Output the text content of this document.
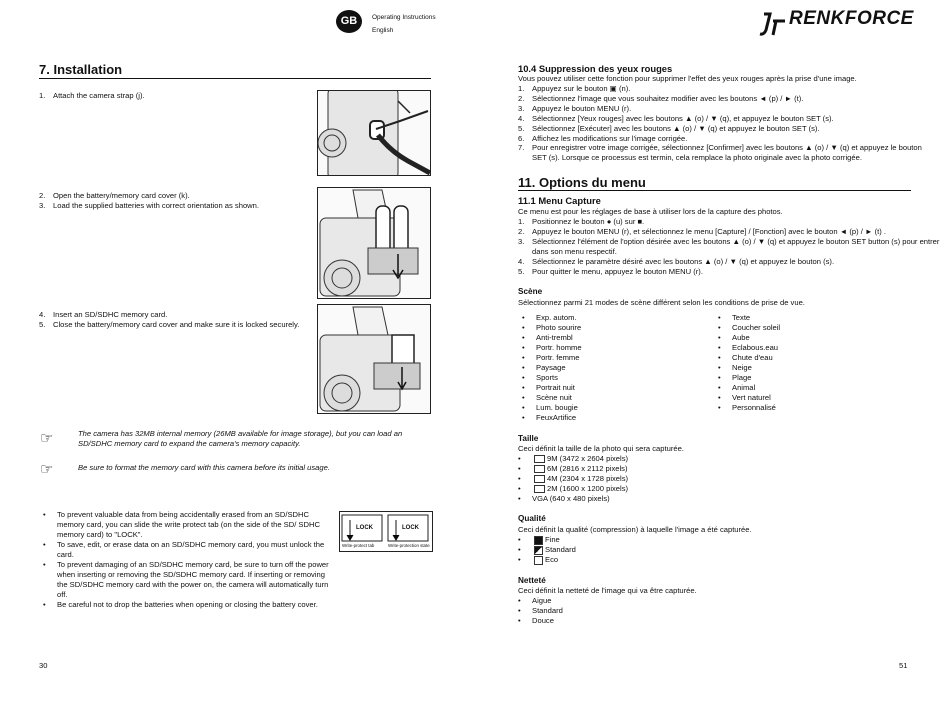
GB	Operating Instructions
English
RENKFORCE
7. Installation
1. Attach the camera strap (j).
2. Open the battery/memory card cover (k).
3. Load the supplied batteries with correct orientation as shown.
4. Insert an SD/SDHC memory card.
5. Close the battery/memory card cover and make sure it is locked securely.
☞	The camera has 32MB internal memory (26MB available for image storage), but you can load an SD/SDHC memory card to expand the camera's memory capacity.
☞	Be sure to format the memory card with this camera before its initial usage.
• To prevent valuable data from being accidentally erased from an SD/SDHC memory card, you can slide the write protect tab (on the side of the SD/ SDHC memory card) to "LOCK".
• To save, edit, or erase data on an SD/SDHC memory card, you must unlock the card.
• To prevent damaging of an SD/SDHC memory card, be sure to turn off the power when inserting or removing the SD/SDHC memory card. If inserting or removing the SD/SDHC memory card with the power on, the camera will automatically turn off.
• Be careful not to drop the batteries when opening or closing the battery cover.
LOCK	LOCK
Write-protect tab	Write-protection state
30
10.4 Suppression des yeux rouges
Vous pouvez utiliser cette fonction pour supprimer l'effet des yeux rouges après la prise d'une image.
1. Appuyez sur le bouton ▣ (n).
2. Sélectionnez l'image que vous souhaitez modifier avec les boutons ◄ (p) / ► (t).
3. Appuyez le bouton MENU (r).
4. Sélectionnez [Yeux rouges] avec les boutons ▲ (o) / ▼ (q), et appuyez le bouton SET (s).
5. Sélectionnez [Exécuter] avec les boutons ▲ (o) / ▼ (q) et appuyez le bouton SET (s).
6. Affichez les modifications sur l'image corrigée.
7. Pour enregistrer votre image corrigée, sélectionnez [Confirmer] avec les boutons ▲ (o) / ▼ (q) et appuyez le bouton SET (s). Lorsque ce processus est termin, cela remplace la photo originale avec la photo corrigée.
11. Options du menu
11.1 Menu Capture
Ce menu est pour les réglages de base à utiliser lors de la capture des photos.
1. Positionnez le bouton ● (u) sur ■.
2. Appuyez le bouton MENU (r), et sélectionnez le menu [Capture] / [Fonction] avec le bouton ◄ (p) / ► (t) .
3. Sélectionnez l'élément de l'option désirée avec les boutons ▲ (o) / ▼ (q) et appuyez le bouton SET button (s) pour entrer dans son menu respectif.
4. Sélectionnez le paramètre désiré avec les boutons ▲ (o) / ▼ (q) et appuyez le bouton (s).
5. Pour quitter le menu, appuyez le bouton MENU (r).
Scène
Sélectionnez parmi 21 modes de scène différent selon les conditions de prise de vue.
• Exp. autom.
• Photo sourire
• Anti-trembl
• Portr. homme
• Portr. femme
• Paysage
• Sports
• Portrait nuit
• Scène nuit
• Lum. bougie
• FeuxArtifice
• Texte
• Coucher soleil
• Aube
• Eclabous.eau
• Chute d'eau
• Neige
• Plage
• Animal
• Vert naturel
• Personnalisé
Taille
Ceci définit la taille de la photo qui sera capturée.
• 9M (3472 x 2604 pixels)
• 6M (2816 x 2112 pixels)
• 4M (2304 x 1728 pixels)
• 2M (1600 x 1200 pixels)
• VGA (640 x 480 pixels)
Qualité
Ceci définit la qualité (compression) à laquelle l'image a été capturée.
• Fine
• Standard
• Eco
Netteté
Ceci définit la netteté de l'image qui va être capturée.
• Aigue
• Standard
• Douce
51
